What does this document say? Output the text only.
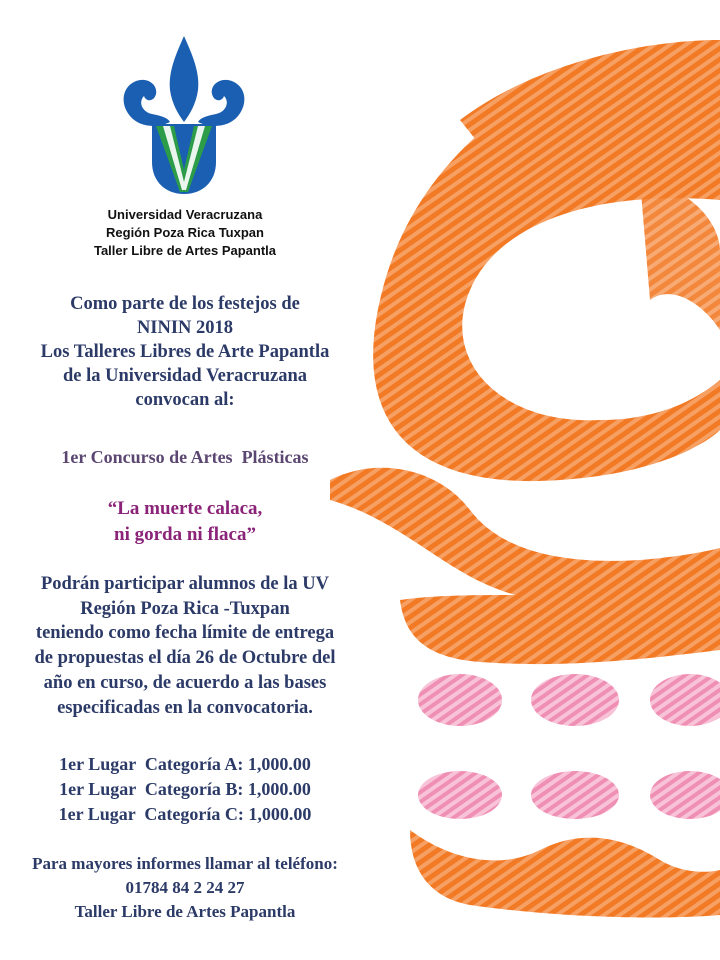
Universidad Veracruzana
Región Poza Rica Tuxpan
Taller Libre de Artes Papantla
Como parte de los festejos de
NININ 2018
Los Talleres Libres de Arte Papantla
de la Universidad Veracruzana
convocan al:
1er Concurso de Artes  Plásticas
“La muerte calaca,
ni gorda ni flaca”
Podrán participar alumnos de la UV
Región Poza Rica -Tuxpan
teniendo como fecha límite de entrega
de propuestas el día 26 de Octubre del
año en curso, de acuerdo a las bases
especificadas en la convocatoria.
1er Lugar  Categoría A: 1,000.00
1er Lugar  Categoría B: 1,000.00
1er Lugar  Categoría C: 1,000.00
Para mayores informes llamar al teléfono:
01784 84 2 24 27
Taller Libre de Artes Papantla
